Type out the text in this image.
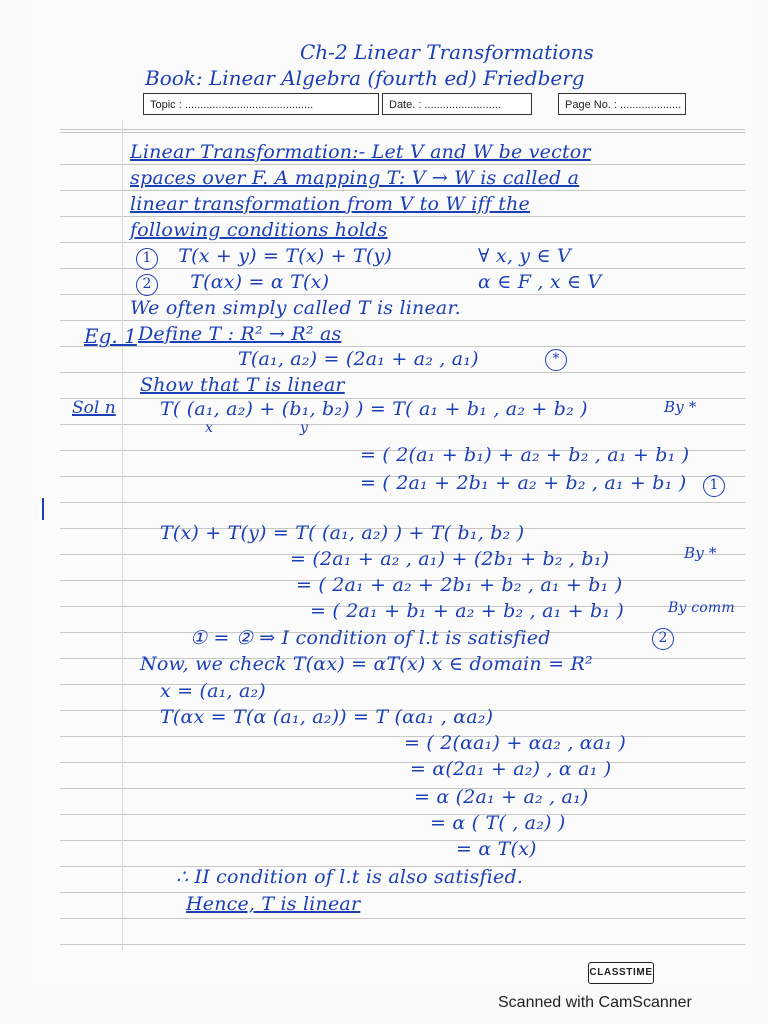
Ch-2 Linear Transformations
Book: Linear Algebra (fourth ed) Friedberg
Topic : ..........................................	Date. : .........................	Page No. : ....................
Linear Transformation:- Let V and W be vector
spaces over F. A mapping T: V → W is called a
linear transformation from V to W iff the
following conditions holds
1 T(x + y) = T(x) + T(y)	∀ x, y ∈ V
2 T(αx) = α T(x)	α ∈ F , x ∈ V
We often simply called T is linear.
Eg. 1 Define T : R² → R² as
T(a₁, a₂) = (2a₁ + a₂ , a₁)	*
Show that T is linear
Sol n T( (a₁, a₂) + (b₁, b₂) ) = T( a₁ + b₁ , a₂ + b₂ )
x	y
By *
= ( 2(a₁ + b₁) + a₂ + b₂ , a₁ + b₁ )
= ( 2a₁ + 2b₁ + a₂ + b₂ , a₁ + b₁ )	1
T(x) + T(y) = T( (a₁, a₂) ) + T( b₁, b₂ )
= (2a₁ + a₂ , a₁) + (2b₁ + b₂ , b₁)	By *
= ( 2a₁ + a₂ + 2b₁ + b₂ , a₁ + b₁ )
= ( 2a₁ + b₁ + a₂ + b₂ , a₁ + b₁ )	By comm
① = ② ⇒ I condition of l.t is satisfied	2
Now, we check T(αx) = αT(x) x ∈ domain = R²
x = (a₁, a₂)
T(αx = T(α (a₁, a₂)) = T (αa₁ , αa₂)
= ( 2(αa₁) + αa₂ , αa₁ )
= α(2a₁ + a₂) , α a₁ )
= α (2a₁ + a₂ , a₁)
= α ( T( , a₂) )
= α T(x)
∴ II condition of l.t is also satisfied.
Hence, T is linear
CLASSTIME
Scanned with CamScanner
